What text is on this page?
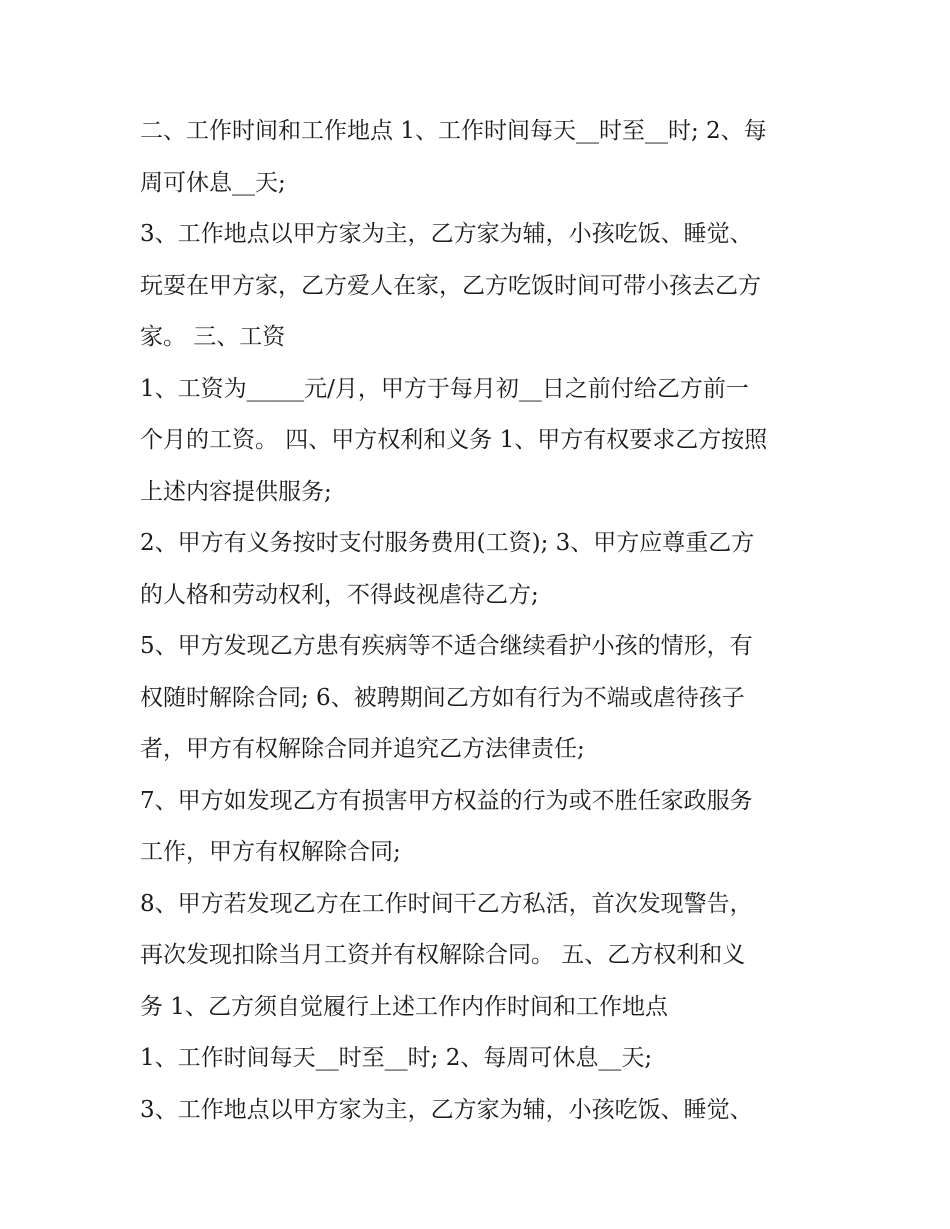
二、工作时间和工作地点 1、工作时间每天__时至__时; 2、每
周可休息__天;
3、工作地点以甲方家为主，乙方家为辅，小孩吃饭、睡觉、
玩耍在甲方家，乙方爱人在家，乙方吃饭时间可带小孩去乙方
家。 三、工资
1、工资为_____元/月，甲方于每月初__日之前付给乙方前一
个月的工资。 四、甲方权利和义务 1、甲方有权要求乙方按照
上述内容提供服务;
2、甲方有义务按时支付服务费用(工资); 3、甲方应尊重乙方
的人格和劳动权利，不得歧视虐待乙方;
5、甲方发现乙方患有疾病等不适合继续看护小孩的情形，有
权随时解除合同; 6、被聘期间乙方如有行为不端或虐待孩子
者，甲方有权解除合同并追究乙方法律责任;
7、甲方如发现乙方有损害甲方权益的行为或不胜任家政服务
工作，甲方有权解除合同;
8、甲方若发现乙方在工作时间干乙方私活，首次发现警告，
再次发现扣除当月工资并有权解除合同。 五、乙方权利和义
务 1、乙方须自觉履行上述工作内作时间和工作地点
1、工作时间每天__时至__时; 2、每周可休息__天;
3、工作地点以甲方家为主，乙方家为辅，小孩吃饭、睡觉、
